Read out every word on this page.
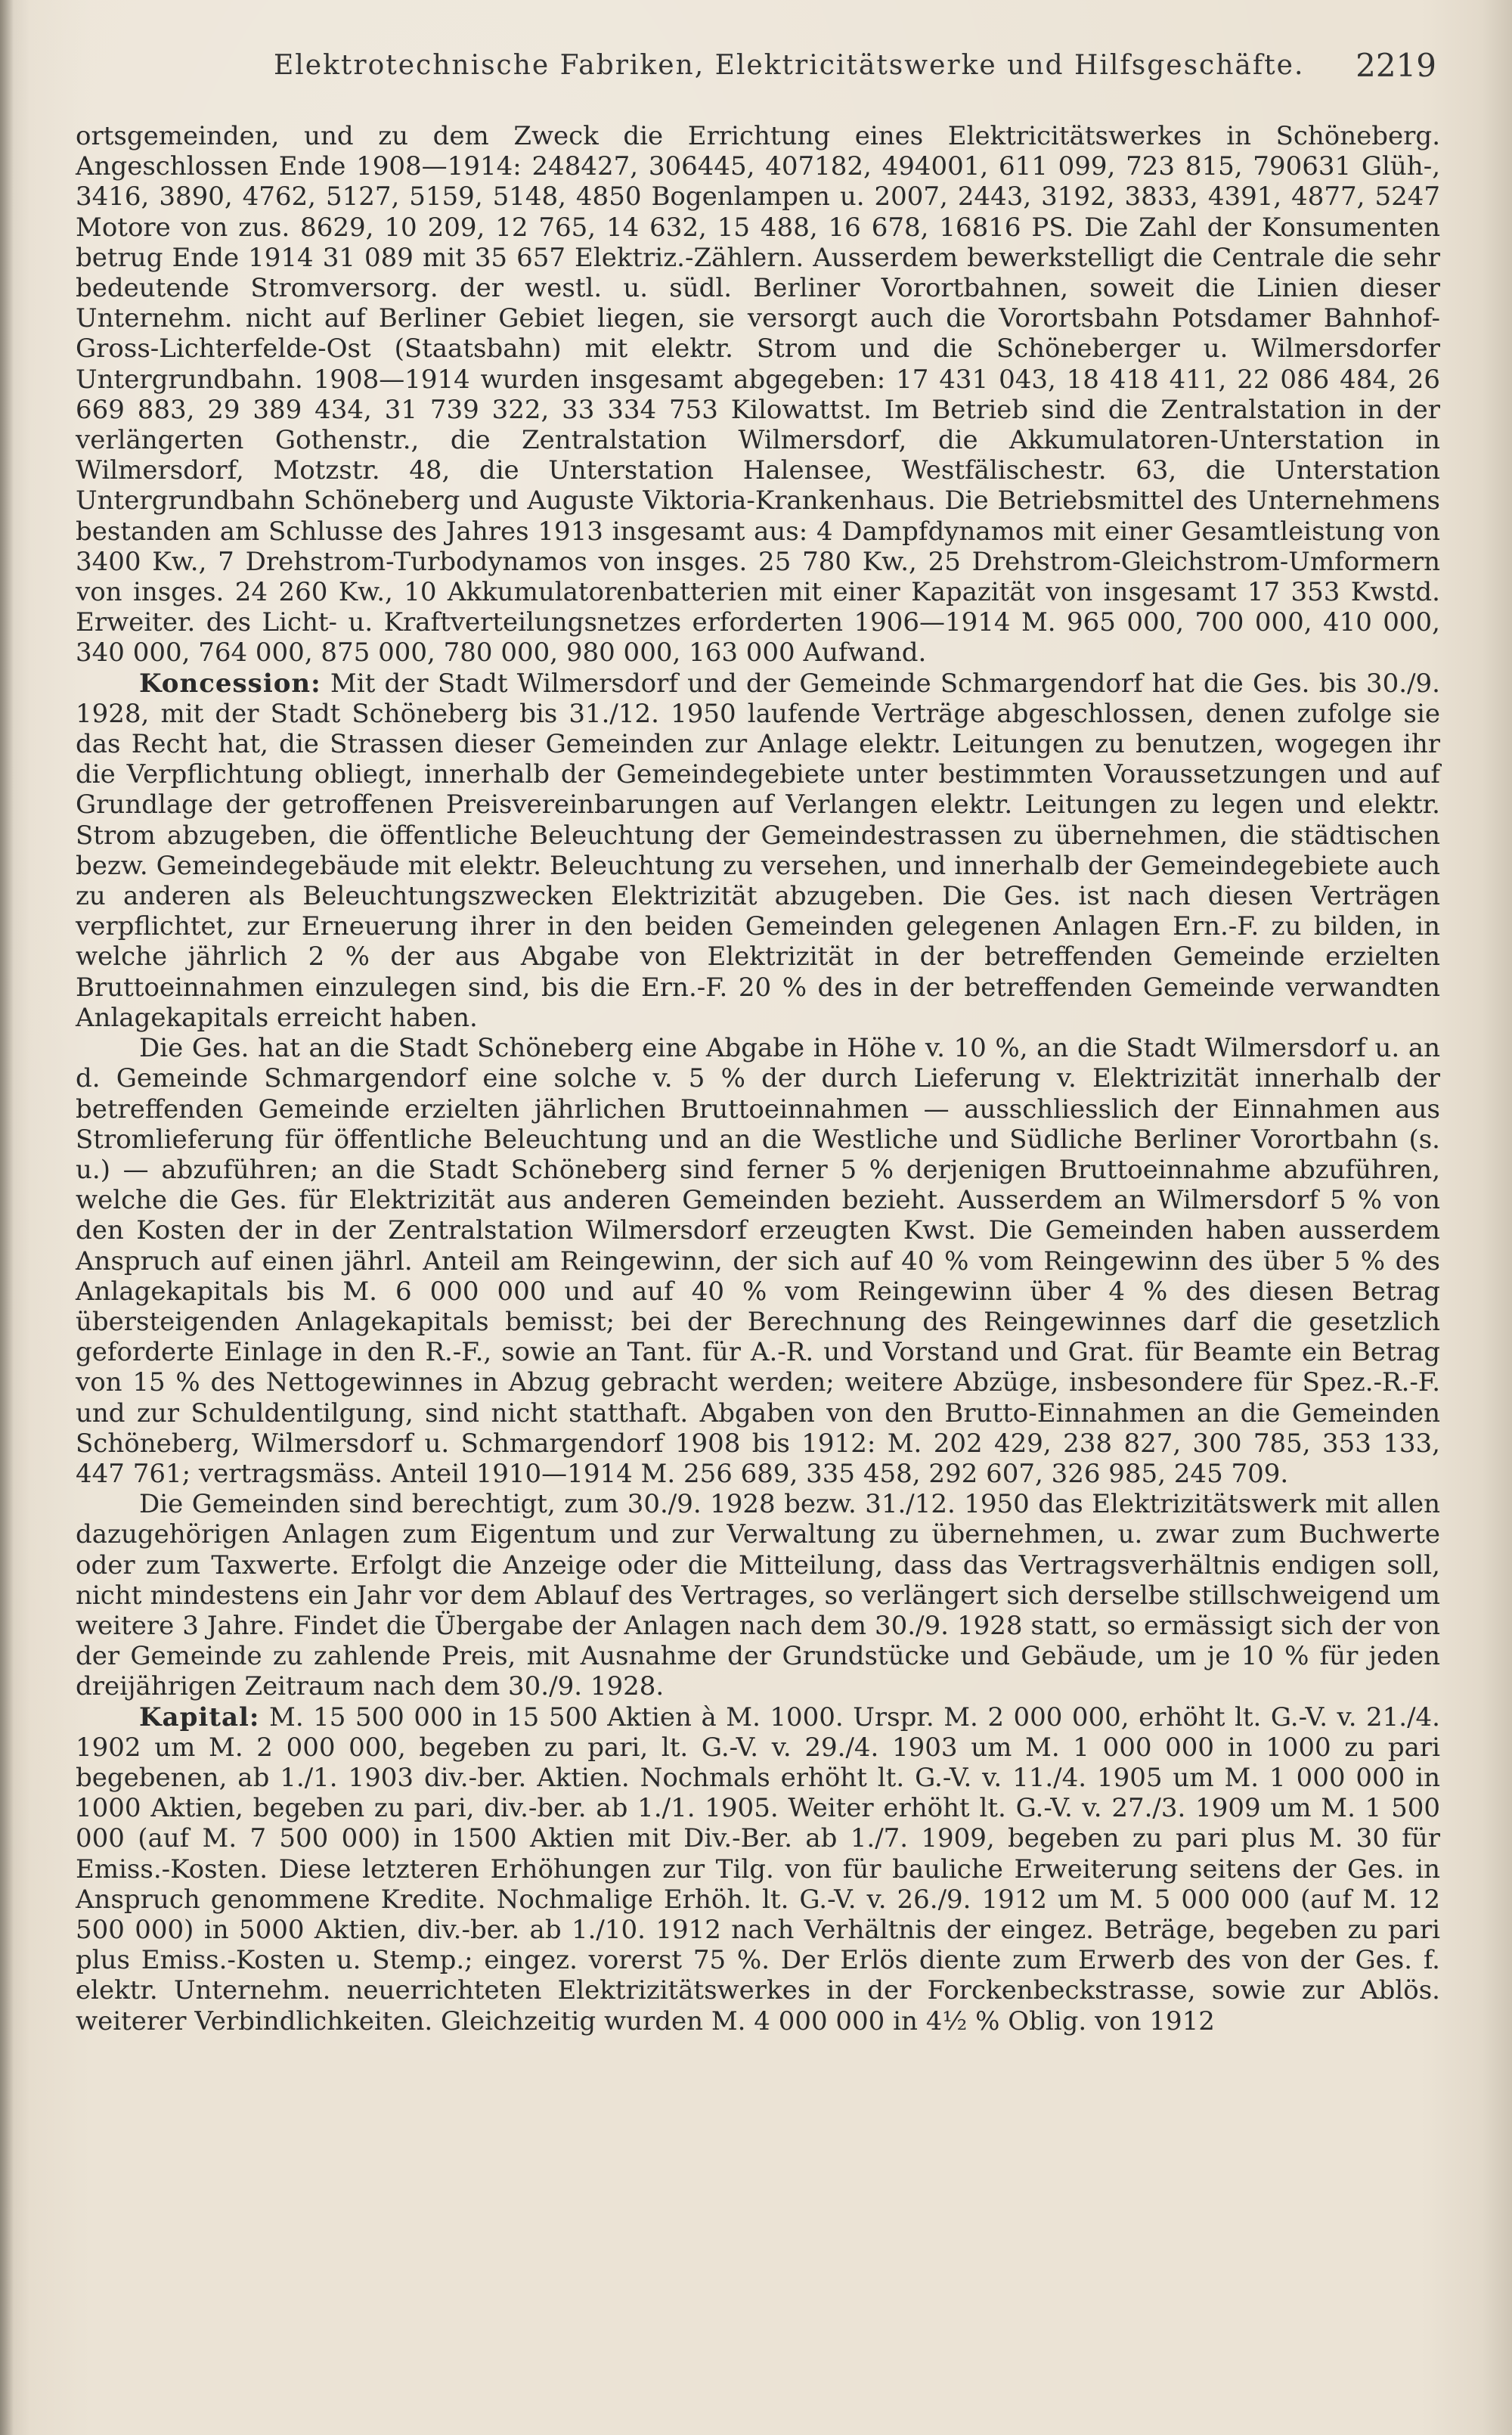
Elektrotechnische Fabriken, Elektricitätswerke und Hilfsgeschäfte. 2219

ortsgemeinden, und zu dem Zweck die Errichtung eines Elektricitätswerkes in Schöneberg. Angeschlossen Ende 1908—1914: 248427, 306445, 407182, 494001, 611 099, 723 815, 790631 Glüh-, 3416, 3890, 4762, 5127, 5159, 5148, 4850 Bogenlampen u. 2007, 2443, 3192, 3833, 4391, 4877, 5247 Motore von zus. 8629, 10 209, 12 765, 14 632, 15 488, 16 678, 16816 PS. Die Zahl der Konsumenten betrug Ende 1914 31 089 mit 35 657 Elektriz.-Zählern. Ausserdem bewerkstelligt die Centrale die sehr bedeutende Stromversorg. der westl. u. südl. Berliner Vorortbahnen, soweit die Linien dieser Unternehm. nicht auf Berliner Gebiet liegen, sie versorgt auch die Vorortsbahn Potsdamer Bahnhof-Gross-Lichterfelde-Ost (Staatsbahn) mit elektr. Strom und die Schöneberger u. Wilmersdorfer Untergrundbahn. 1908—1914 wurden insgesamt abgegeben: 17 431 043, 18 418 411, 22 086 484, 26 669 883, 29 389 434, 31 739 322, 33 334 753 Kilowattst. Im Betrieb sind die Zentralstation in der verlängerten Gothenstr., die Zentralstation Wilmersdorf, die Akkumulatoren-Unterstation in Wilmersdorf, Motzstr. 48, die Unterstation Halensee, Westfälischestr. 63, die Unterstation Untergrundbahn Schöneberg und Auguste Viktoria-Krankenhaus. Die Betriebsmittel des Unternehmens bestanden am Schlusse des Jahres 1913 insgesamt aus: 4 Dampfdynamos mit einer Gesamtleistung von 3400 Kw., 7 Drehstrom-Turbodynamos von insges. 25 780 Kw., 25 Drehstrom-Gleichstrom-Umformern von insges. 24 260 Kw., 10 Akkumulatorenbatterien mit einer Kapazität von insgesamt 17 353 Kwstd. Erweiter. des Licht- u. Kraftverteilungsnetzes erforderten 1906—1914 M. 965 000, 700 000, 410 000, 340 000, 764 000, 875 000, 780 000, 980 000, 163 000 Aufwand.

Koncession: Mit der Stadt Wilmersdorf und der Gemeinde Schmargendorf hat die Ges. bis 30./9. 1928, mit der Stadt Schöneberg bis 31./12. 1950 laufende Verträge abgeschlossen, denen zufolge sie das Recht hat, die Strassen dieser Gemeinden zur Anlage elektr. Leitungen zu benutzen, wogegen ihr die Verpflichtung obliegt, innerhalb der Gemeindegebiete unter bestimmten Voraussetzungen und auf Grundlage der getroffenen Preisvereinbarungen auf Verlangen elektr. Leitungen zu legen und elektr. Strom abzugeben, die öffentliche Beleuchtung der Gemeindestrassen zu übernehmen, die städtischen bezw. Gemeindegebäude mit elektr. Beleuchtung zu versehen, und innerhalb der Gemeindegebiete auch zu anderen als Beleuchtungszwecken Elektrizität abzugeben. Die Ges. ist nach diesen Verträgen verpflichtet, zur Erneuerung ihrer in den beiden Gemeinden gelegenen Anlagen Ern.-F. zu bilden, in welche jährlich 2 % der aus Abgabe von Elektrizität in der betreffenden Gemeinde erzielten Bruttoeinnahmen einzulegen sind, bis die Ern.-F. 20 % des in der betreffenden Gemeinde verwandten Anlagekapitals erreicht haben.

Die Ges. hat an die Stadt Schöneberg eine Abgabe in Höhe v. 10 %, an die Stadt Wilmersdorf u. an d. Gemeinde Schmargendorf eine solche v. 5 % der durch Lieferung v. Elektrizität innerhalb der betreffenden Gemeinde erzielten jährlichen Bruttoeinnahmen — ausschliesslich der Einnahmen aus Stromlieferung für öffentliche Beleuchtung und an die Westliche und Südliche Berliner Vorortbahn (s. u.) — abzuführen; an die Stadt Schöneberg sind ferner 5 % derjenigen Bruttoeinnahme abzuführen, welche die Ges. für Elektrizität aus anderen Gemeinden bezieht. Ausserdem an Wilmersdorf 5 % von den Kosten der in der Zentralstation Wilmersdorf erzeugten Kwst. Die Gemeinden haben ausserdem Anspruch auf einen jährl. Anteil am Reingewinn, der sich auf 40 % vom Reingewinn des über 5 % des Anlagekapitals bis M. 6 000 000 und auf 40 % vom Reingewinn über 4 % des diesen Betrag übersteigenden Anlagekapitals bemisst; bei der Berechnung des Reingewinnes darf die gesetzlich geforderte Einlage in den R.-F., sowie an Tant. für A.-R. und Vorstand und Grat. für Beamte ein Betrag von 15 % des Nettogewinnes in Abzug gebracht werden; weitere Abzüge, insbesondere für Spez.-R.-F. und zur Schuldentilgung, sind nicht statthaft. Abgaben von den Brutto-Einnahmen an die Gemeinden Schöneberg, Wilmersdorf u. Schmargendorf 1908 bis 1912: M. 202 429, 238 827, 300 785, 353 133, 447 761; vertragsmäss. Anteil 1910—1914 M. 256 689, 335 458, 292 607, 326 985, 245 709.

Die Gemeinden sind berechtigt, zum 30./9. 1928 bezw. 31./12. 1950 das Elektrizitätswerk mit allen dazugehörigen Anlagen zum Eigentum und zur Verwaltung zu übernehmen, u. zwar zum Buchwerte oder zum Taxwerte. Erfolgt die Anzeige oder die Mitteilung, dass das Vertragsverhältnis endigen soll, nicht mindestens ein Jahr vor dem Ablauf des Vertrages, so verlängert sich derselbe stillschweigend um weitere 3 Jahre. Findet die Übergabe der Anlagen nach dem 30./9. 1928 statt, so ermässigt sich der von der Gemeinde zu zahlende Preis, mit Ausnahme der Grundstücke und Gebäude, um je 10 % für jeden dreijährigen Zeitraum nach dem 30./9. 1928.

Kapital: M. 15 500 000 in 15 500 Aktien à M. 1000. Urspr. M. 2 000 000, erhöht lt. G.-V. v. 21./4. 1902 um M. 2 000 000, begeben zu pari, lt. G.-V. v. 29./4. 1903 um M. 1 000 000 in 1000 zu pari begebenen, ab 1./1. 1903 div.-ber. Aktien. Nochmals erhöht lt. G.-V. v. 11./4. 1905 um M. 1 000 000 in 1000 Aktien, begeben zu pari, div.-ber. ab 1./1. 1905. Weiter erhöht lt. G.-V. v. 27./3. 1909 um M. 1 500 000 (auf M. 7 500 000) in 1500 Aktien mit Div.-Ber. ab 1./7. 1909, begeben zu pari plus M. 30 für Emiss.-Kosten. Diese letzteren Erhöhungen zur Tilg. von für bauliche Erweiterung seitens der Ges. in Anspruch genommene Kredite. Nochmalige Erhöh. lt. G.-V. v. 26./9. 1912 um M. 5 000 000 (auf M. 12 500 000) in 5000 Aktien, div.-ber. ab 1./10. 1912 nach Verhältnis der eingez. Beträge, begeben zu pari plus Emiss.-Kosten u. Stemp.; eingez. vorerst 75 %. Der Erlös diente zum Erwerb des von der Ges. f. elektr. Unternehm. neuerrichteten Elektrizitätswerkes in der Forckenbeckstrasse, sowie zur Ablös. weiterer Verbindlichkeiten. Gleichzeitig wurden M. 4 000 000 in 4½ % Oblig. von 1912
